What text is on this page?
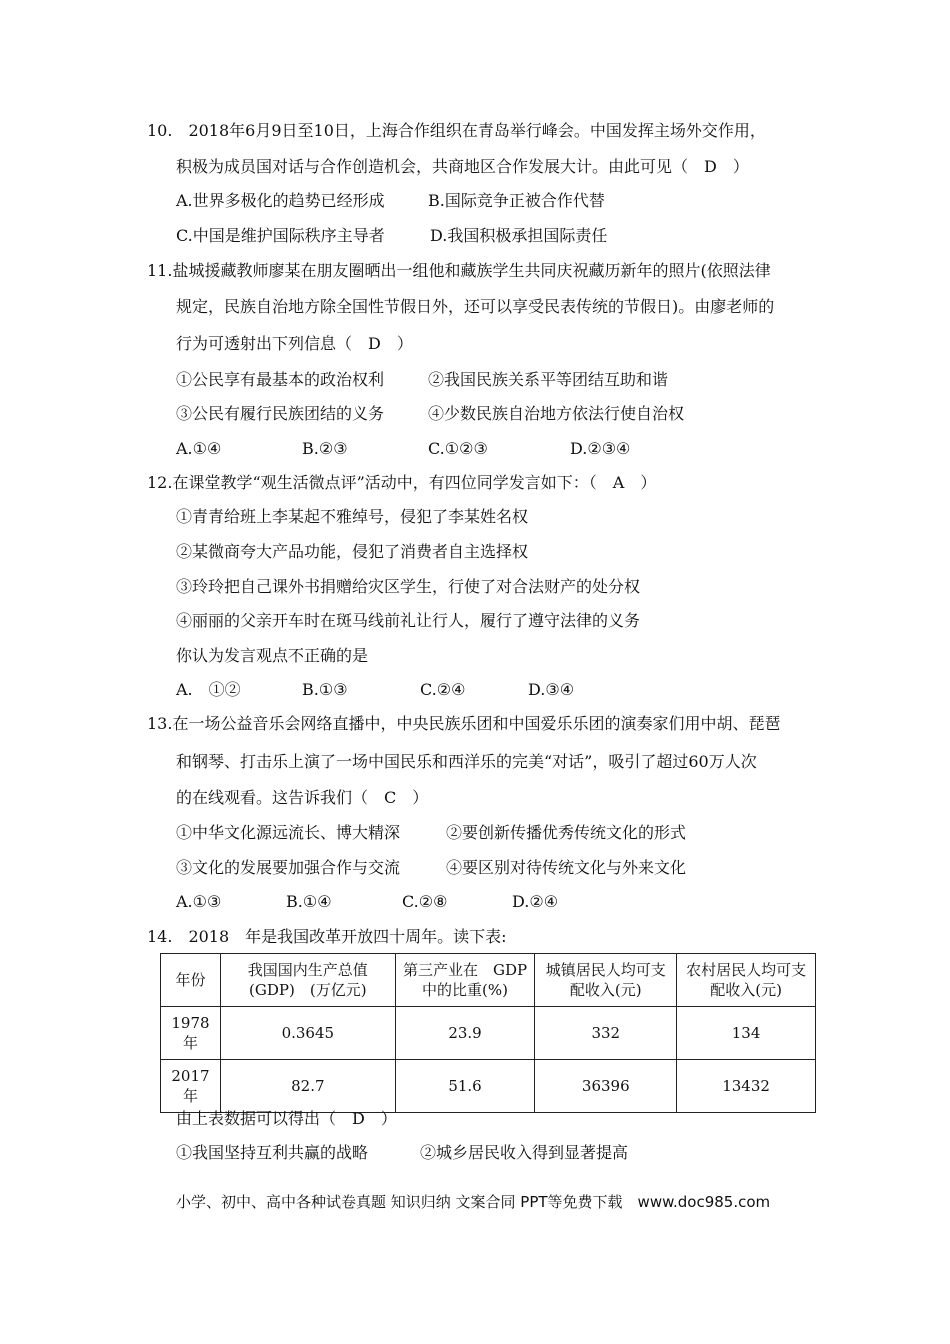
10.　2018年6月9日至10日，上海合作组织在青岛举行峰会。中国发挥主场外交作用，
积极为成员国对话与合作创造机会，共商地区合作发展大计。由此可见（　D　）
A.世界多极化的趋势已经形成	B.国际竞争正被合作代替
C.中国是维护国际秩序主导者	D.我国积极承担国际责任
11.盐城援藏教师廖某在朋友圈晒出一组他和藏族学生共同庆祝藏历新年的照片(依照法律
规定，民族自治地方除全国性节假日外，还可以享受民表传统的节假日)。由廖老师的
行为可透射出下列信息（　D　）
①公民享有最基本的政治权利	②我国民族关系平等团结互助和谐
③公民有履行民族团结的义务	④少数民族自治地方依法行使自治权
A.①④	B.②③	C.①②③	D.②③④
12.在课堂教学“观生活微点评”活动中，有四位同学发言如下：（　A　）
①青青给班上李某起不雅绰号，侵犯了李某姓名权
②某微商夸大产品功能，侵犯了消费者自主选择权
③玲玲把自己课外书捐赠给灾区学生，行使了对合法财产的处分权
④丽丽的父亲开车时在斑马线前礼让行人，履行了遵守法律的义务
你认为发言观点不正确的是
A.　①②	B.①③	C.②④	D.③④
13.在一场公益音乐会网络直播中，中央民族乐团和中国爱乐乐团的演奏家们用中胡、琵琶
和钢琴、打击乐上演了一场中国民乐和西洋乐的完美“对话”，吸引了超过60万人次
的在线观看。这告诉我们（　C　）
①中华文化源远流长、博大精深	②要创新传播优秀传统文化的形式
③文化的发展要加强合作与交流	④要区别对待传统文化与外来文化
A.①③	B.①④	C.②⑧	D.②④
14.　2018　年是我国改革开放四十周年。读下表:
年份	我国国内生产总值(GDP)　(万亿元)	第三产业在　GDP中的比重(%)	城镇居民人均可支配收入(元)	农村居民人均可支配收入(元)
1978年	0.3645	23.9	332	134
2017年	82.7	51.6	36396	13432
由上表数据可以得出（　D　）
①我国坚持互利共赢的战略	②城乡居民收入得到显著提高
小学、初中、高中各种试卷真题 知识归纳 文案合同 PPT等免费下载　www.doc985.com
